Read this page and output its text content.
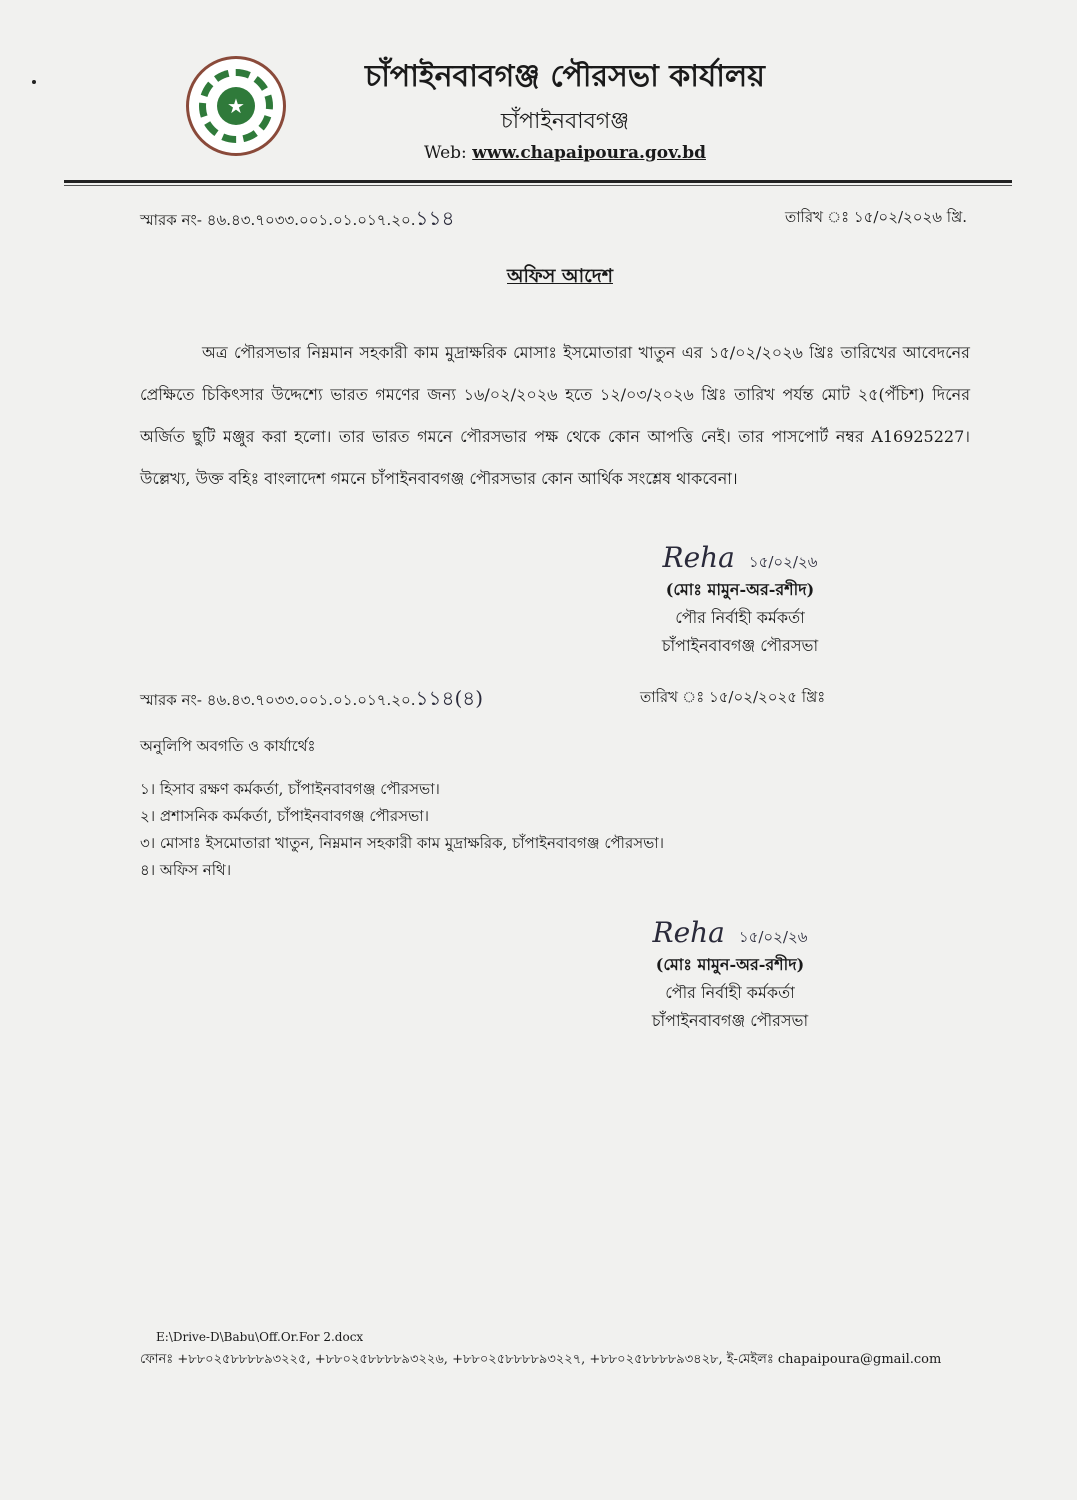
★
চাঁপাইনবাবগঞ্জ পৌরসভা কার্যালয়
চাঁপাইনবাবগঞ্জ
Web: www.chapaipoura.gov.bd
স্মারক নং- ৪৬.৪৩.৭০৩৩.০০১.০১.০১৭.২০.১১৪	তারিখ ঃ ১৫/০২/২০২৬ খ্রি.
অফিস আদেশ
অত্র পৌরসভার নিম্নমান সহকারী কাম মুদ্রাক্ষরিক মোসাঃ ইসমোতারা খাতুন এর ১৫/০২/২০২৬ খ্রিঃ তারিখের আবেদনের প্রেক্ষিতে চিকিৎসার উদ্দেশ্যে ভারত গমণের জন্য ১৬/০২/২০২৬ হতে ১২/০৩/২০২৬ খ্রিঃ তারিখ পর্যন্ত মোট ২৫(পঁচিশ) দিনের অর্জিত ছুটি মঞ্জুর করা হলো। তার ভারত গমনে পৌরসভার পক্ষ থেকে কোন আপত্তি নেই। তার পাসপোর্ট নম্বর A16925227। উল্লেখ্য, উক্ত বহিঃ বাংলাদেশ গমনে চাঁপাইনবাবগঞ্জ পৌরসভার কোন আর্থিক সংশ্লেষ থাকবেনা।
Reha ১৫/০২/২৬
(মোঃ মামুন-অর-রশীদ)
পৌর নির্বাহী কর্মকর্তা
চাঁপাইনবাবগঞ্জ পৌরসভা
স্মারক নং- ৪৬.৪৩.৭০৩৩.০০১.০১.০১৭.২০.১১৪(৪)	তারিখ ঃ ১৫/০২/২০২৫ খ্রিঃ
অনুলিপি অবগতি ও কার্যার্থেঃ
১। হিসাব রক্ষণ কর্মকর্তা, চাঁপাইনবাবগঞ্জ পৌরসভা।
২। প্রশাসনিক কর্মকর্তা, চাঁপাইনবাবগঞ্জ পৌরসভা।
৩। মোসাঃ ইসমোতারা খাতুন, নিম্নমান সহকারী কাম মুদ্রাক্ষরিক, চাঁপাইনবাবগঞ্জ পৌরসভা।
৪। অফিস নথি।
Reha ১৫/০২/২৬
(মোঃ মামুন-অর-রশীদ)
পৌর নির্বাহী কর্মকর্তা
চাঁপাইনবাবগঞ্জ পৌরসভা
E:\Drive-D\Babu\Off.Or.For 2.docx
ফোনঃ +৮৮০২৫৮৮৮৮৯৩২২৫, +৮৮০২৫৮৮৮৮৯৩২২৬, +৮৮০২৫৮৮৮৮৯৩২২৭, +৮৮০২৫৮৮৮৮৯৩৪২৮, ই-মেইলঃ chapaipoura@gmail.com
